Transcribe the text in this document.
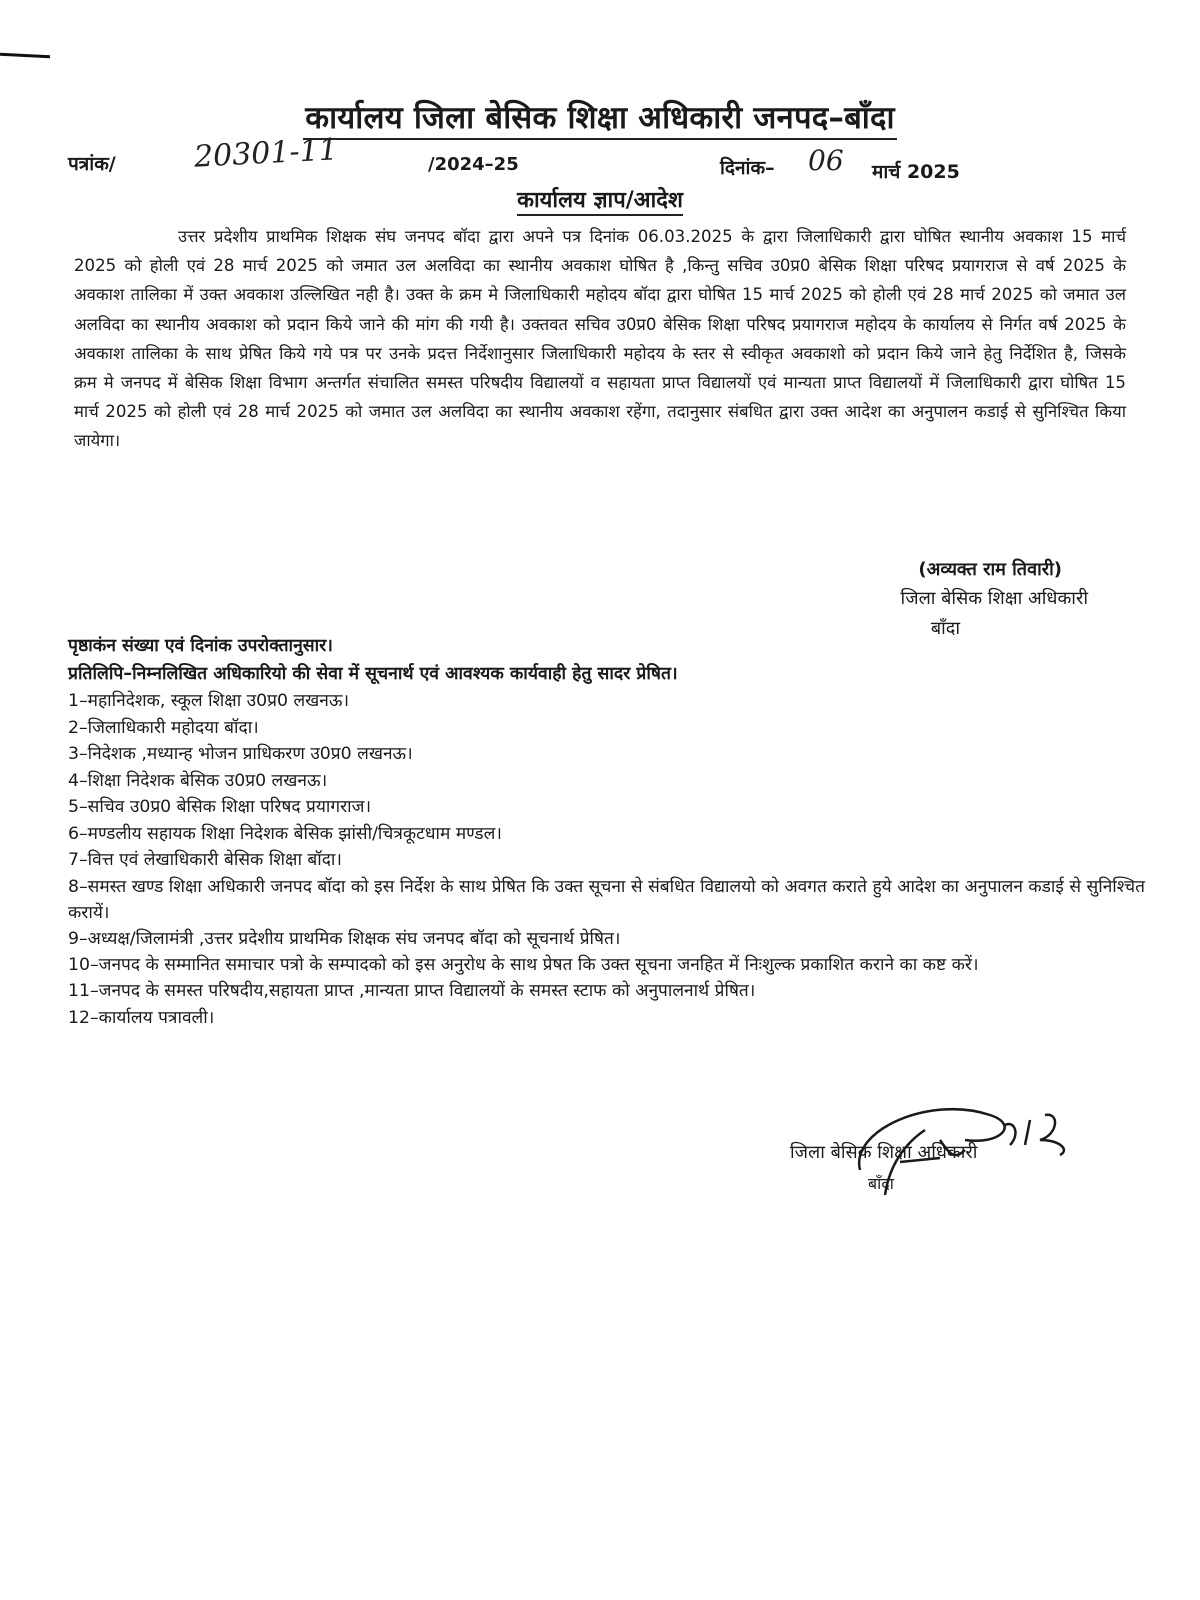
कार्यालय जिला बेसिक शिक्षा अधिकारी जनपद–बाँदा
पत्रांक/	20301-11	/2024–25	दिनांक– 06 मार्च 2025
कार्यालय ज्ञाप/आदेश
उत्तर प्रदेशीय प्राथमिक शिक्षक संघ जनपद बॉदा द्वारा अपने पत्र दिनांक 06.03.2025 के द्वारा जिलाधिकारी द्वारा घोषित स्थानीय अवकाश 15 मार्च 2025 को होली एवं 28 मार्च 2025 को जमात उल अलविदा का स्थानीय अवकाश घोषित है ,किन्तु सचिव उ0प्र0 बेसिक शिक्षा परिषद प्रयागराज से वर्ष 2025 के अवकाश तालिका में उक्त अवकाश उल्लिखित नही है। उक्त के क्रम मे जिलाधिकारी महोदय बॉदा द्वारा घोषित 15 मार्च 2025 को होली एवं 28 मार्च 2025 को जमात उल अलविदा का स्थानीय अवकाश को प्रदान किये जाने की मांग की गयी है। उक्तवत सचिव उ0प्र0 बेसिक शिक्षा परिषद प्रयागराज महोदय के कार्यालय से निर्गत वर्ष 2025 के अवकाश तालिका के साथ प्रेषित किये गये पत्र पर उनके प्रदत्त निर्देशानुसार जिलाधिकारी महोदय के स्तर से स्वीकृत अवकाशो को प्रदान किये जाने हेतु निर्देशित है, जिसके क्रम मे जनपद में बेसिक शिक्षा विभाग अन्तर्गत संचालित समस्त परिषदीय विद्यालयों व सहायता प्राप्त विद्यालयों एवं मान्यता प्राप्त विद्यालयों में जिलाधिकारी द्वारा घोषित 15 मार्च 2025 को होली एवं 28 मार्च 2025 को जमात उल अलविदा का स्थानीय अवकाश रहेंगा, तदानुसार संबधित द्वारा उक्त आदेश का अनुपालन कडाई से सुनिश्चित किया जायेगा।
(अव्यक्त राम तिवारी)
जिला बेसिक शिक्षा अधिकारी
बाँदा
पृष्ठाकंन संख्या एवं दिनांक उपरोक्तानुसार।
प्रतिलिपि–निम्नलिखित अधिकारियो की सेवा में सूचनार्थ एवं आवश्यक कार्यवाही हेतु सादर प्रेषित।
1–महानिदेशक, स्कूल शिक्षा उ0प्र0 लखनऊ।
2–जिलाधिकारी महोदया बॉदा।
3–निदेशक ,मध्यान्ह भोजन प्राधिकरण उ0प्र0 लखनऊ।
4–शिक्षा निदेशक बेसिक उ0प्र0 लखनऊ।
5–सचिव उ0प्र0 बेसिक शिक्षा परिषद प्रयागराज।
6–मण्डलीय सहायक शिक्षा निदेशक बेसिक झांसी/चित्रकूटधाम मण्डल।
7–वित्त एवं लेखाधिकारी बेसिक शिक्षा बॉदा।
8–समस्त खण्ड शिक्षा अधिकारी जनपद बॉदा को इस निर्देश के साथ प्रेषित कि उक्त सूचना से संबधित विद्यालयो को अवगत कराते हुये आदेश का अनुपालन कडाई से सुनिश्चित करायें।
9–अध्यक्ष/जिलामंत्री ,उत्तर प्रदेशीय प्राथमिक शिक्षक संघ जनपद बॉदा को सूचनार्थ प्रेषित।
10–जनपद के सम्मानित समाचार पत्रो के सम्पादको को इस अनुरोध के साथ प्रेषत कि उक्त सूचना जनहित में निःशुल्क प्रकाशित कराने का कष्ट करें।
11–जनपद के समस्त परिषदीय,सहायता प्राप्त ,मान्यता प्राप्त विद्यालयों के समस्त स्टाफ को अनुपालनार्थ प्रेषित।
12–कार्यालय पत्रावली।
जिला बेसिक शिक्षा अधिकारी
बाँदा
